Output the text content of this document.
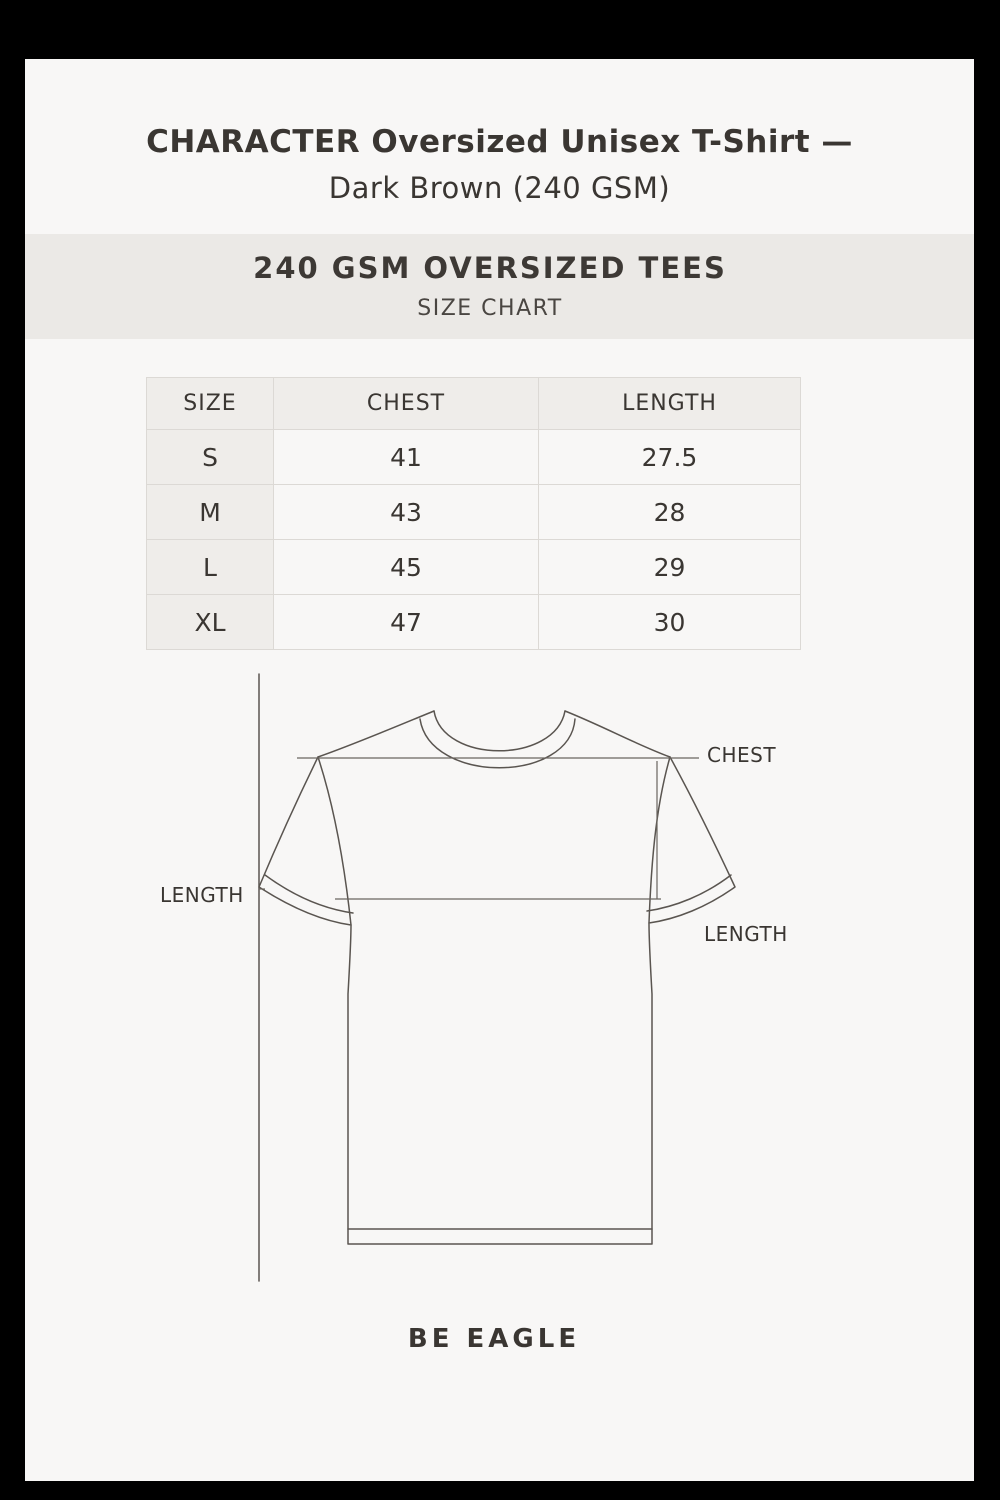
CHARACTER Oversized Unisex T-Shirt —
Dark Brown (240 GSM)
240 GSM OVERSIZED TEES
SIZE CHART
SIZE	CHEST	LENGTH
S	41	27.5
M	43	28
L	45	29
XL	47	30
CHEST
LENGTH
LENGTH
BE EAGLE
